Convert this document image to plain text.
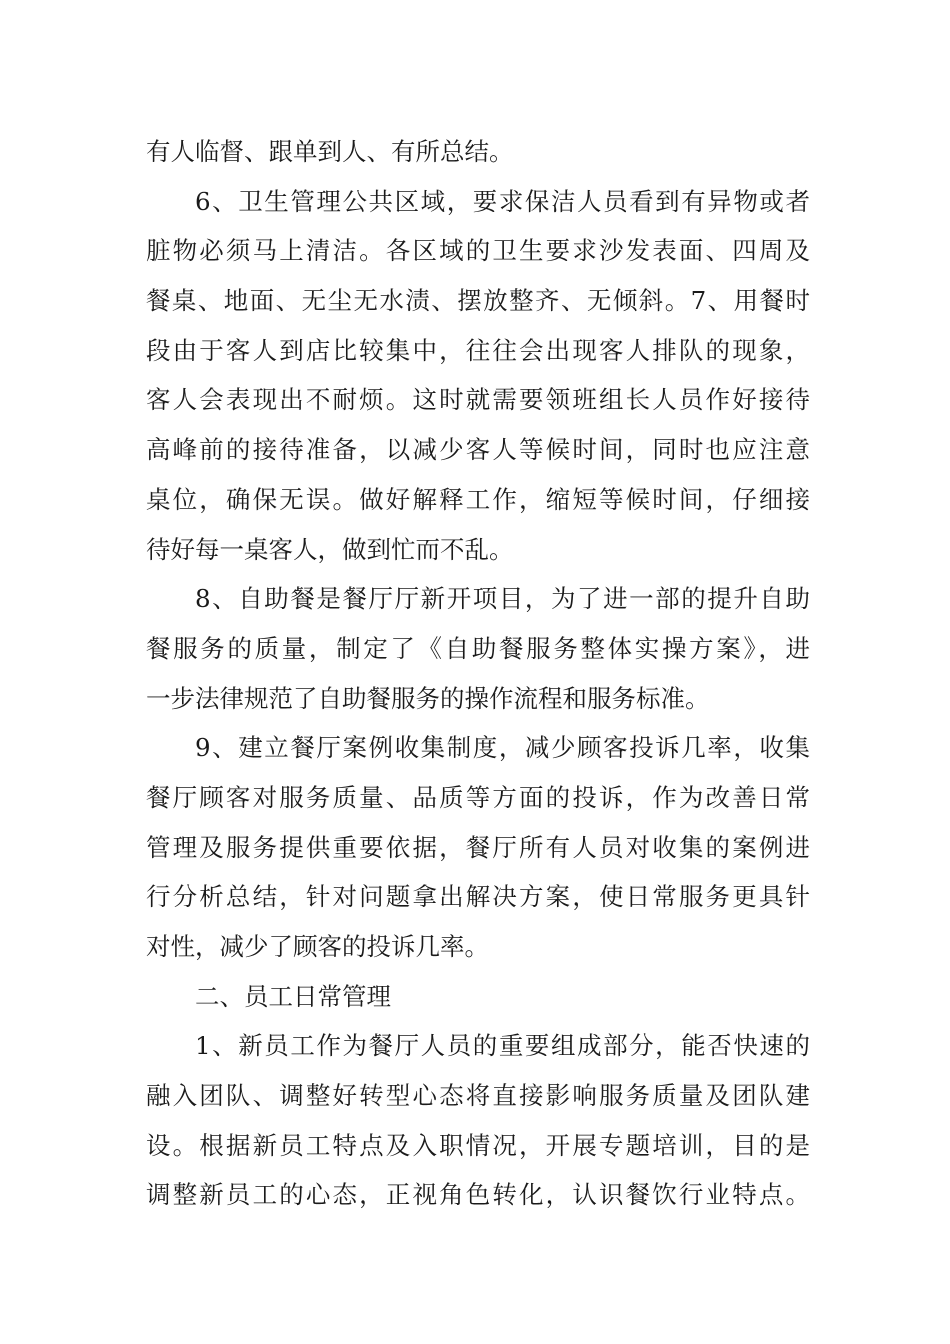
有人临督、跟单到人、有所总结。
6、卫生管理公共区域，要求保洁人员看到有异物或者
脏物必须马上清洁。各区域的卫生要求沙发表面、四周及
餐桌、地面、无尘无水渍、摆放整齐、无倾斜。7、用餐时
段由于客人到店比较集中，往往会出现客人排队的现象，
客人会表现出不耐烦。这时就需要领班组长人员作好接待
高峰前的接待准备，以减少客人等候时间，同时也应注意
桌位，确保无误。做好解释工作，缩短等候时间，仔细接
待好每一桌客人，做到忙而不乱。
8、自助餐是餐厅厅新开项目，为了进一部的提升自助
餐服务的质量，制定了《自助餐服务整体实操方案》，进
一步法律规范了自助餐服务的操作流程和服务标准。
9、建立餐厅案例收集制度，减少顾客投诉几率，收集
餐厅顾客对服务质量、品质等方面的投诉，作为改善日常
管理及服务提供重要依据，餐厅所有人员对收集的案例进
行分析总结，针对问题拿出解决方案，使日常服务更具针
对性，减少了顾客的投诉几率。
二、员工日常管理
1、新员工作为餐厅人员的重要组成部分，能否快速的
融入团队、调整好转型心态将直接影响服务质量及团队建
设。根据新员工特点及入职情况，开展专题培训，目的是
调整新员工的心态，正视角色转化，认识餐饮行业特点。
